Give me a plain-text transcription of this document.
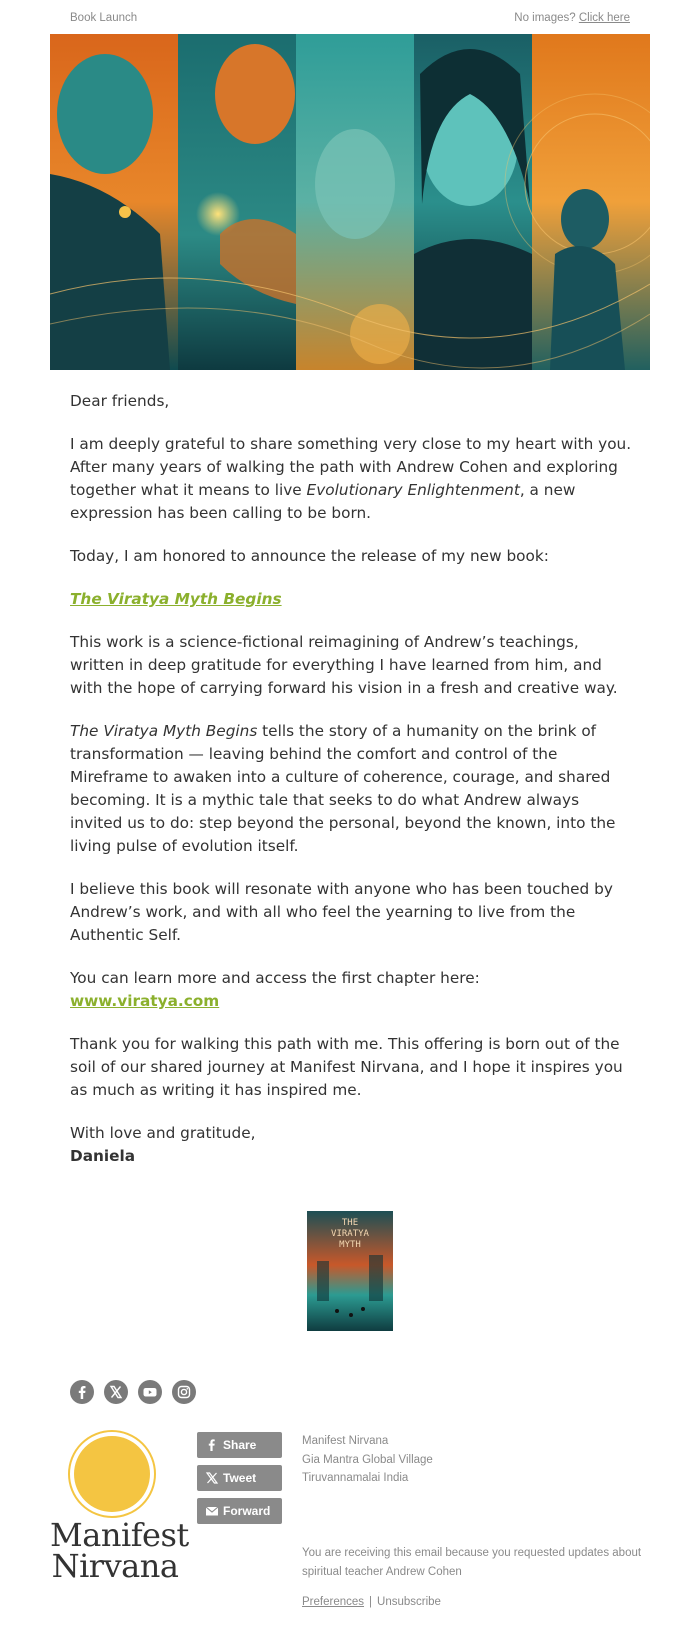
Book Launch	No images? Click here

Dear friends,

I am deeply grateful to share something very close to my heart with you. After many years of walking the path with Andrew Cohen and exploring together what it means to live Evolutionary Enlightenment, a new expression has been calling to be born.

Today, I am honored to announce the release of my new book:

The Viratya Myth Begins

This work is a science-fictional reimagining of Andrew’s teachings, written in deep gratitude for everything I have learned from him, and with the hope of carrying forward his vision in a fresh and creative way.

The Viratya Myth Begins tells the story of a humanity on the brink of transformation — leaving behind the comfort and control of the Mireframe to awaken into a culture of coherence, courage, and shared becoming. It is a mythic tale that seeks to do what Andrew always invited us to do: step beyond the personal, beyond the known, into the living pulse of evolution itself.

I believe this book will resonate with anyone who has been touched by Andrew’s work, and with all who feel the yearning to live from the Authentic Self.

You can learn more and access the first chapter here:
www.viratya.com

Thank you for walking this path with me. This offering is born out of the soil of our shared journey at Manifest Nirvana, and I hope it inspires you as much as writing it has inspired me.

With love and gratitude,
Daniela

THE
VIRATYA
MYTH

Manifest
Nirvana
Share
Tweet
Forward
Manifest Nirvana
Gia Mantra Global Village
Tiruvannamalai India
You are receiving this email because you requested updates about spiritual teacher Andrew Cohen
Preferences | Unsubscribe
